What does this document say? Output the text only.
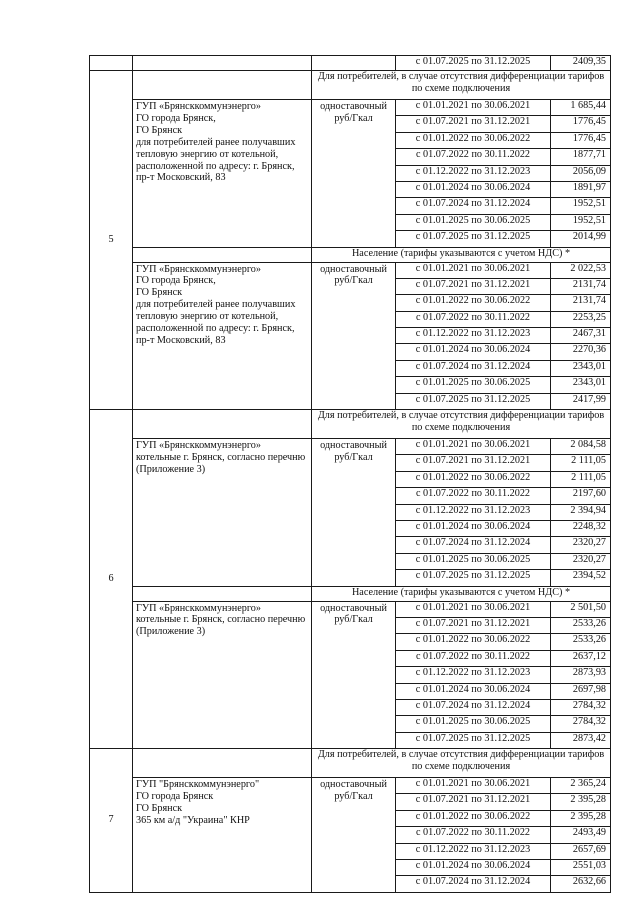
			с 01.07.2025 по 31.12.2025	2409,35
5		Для потребителей, в случае отсутствия дифференциации тарифов по схеме подключения		
	ГУП «Брянсккоммунэнерго»
ГО города Брянск,
ГО Брянск
для потребителей ранее получавших тепловую энергию от котельной, расположенной по адресу: г. Брянск, пр-т Московский, 83	одноставочный руб/Гкал	с 01.01.2021 по 30.06.2021	1 685,44
			с 01.07.2021 по 31.12.2021	1776,45
			с 01.01.2022 по 30.06.2022	1776,45
			с 01.07.2022 по 30.11.2022	1877,71
			с 01.12.2022 по 31.12.2023	2056,09
			с 01.01.2024 по 30.06.2024	1891,97
			с 01.07.2024 по 31.12.2024	1952,51
			с 01.01.2025 по 30.06.2025	1952,51
			с 01.07.2025 по 31.12.2025	2014,99
		Население (тарифы указываются с учетом НДС) *		
	ГУП «Брянсккоммунэнерго»
ГО города Брянск,
ГО Брянск
для потребителей ранее получавших тепловую энергию от котельной, расположенной по адресу: г. Брянск, пр-т Московский, 83	одноставочный руб/Гкал	с 01.01.2021 по 30.06.2021	2 022,53
			с 01.07.2021 по 31.12.2021	2131,74
			с 01.01.2022 по 30.06.2022	2131,74
			с 01.07.2022 по 30.11.2022	2253,25
			с 01.12.2022 по 31.12.2023	2467,31
			с 01.01.2024 по 30.06.2024	2270,36
			с 01.07.2024 по 31.12.2024	2343,01
			с 01.01.2025 по 30.06.2025	2343,01
			с 01.07.2025 по 31.12.2025	2417,99
6		Для потребителей, в случае отсутствия дифференциации тарифов по схеме подключения		
	ГУП «Брянсккоммунэнерго» котельные г. Брянск, согласно перечню (Приложение 3)	одноставочный руб/Гкал	с 01.01.2021 по 30.06.2021	2 084,58
			с 01.07.2021 по 31.12.2021	2 111,05
			с 01.01.2022 по 30.06.2022	2 111,05
			с 01.07.2022 по 30.11.2022	2197,60
			с 01.12.2022 по 31.12.2023	2 394,94
			с 01.01.2024 по 30.06.2024	2248,32
			с 01.07.2024 по 31.12.2024	2320,27
			с 01.01.2025 по 30.06.2025	2320,27
			с 01.07.2025 по 31.12.2025	2394,52
		Население (тарифы указываются с учетом НДС) *		
	ГУП «Брянсккоммунэнерго» котельные г. Брянск, согласно перечню (Приложение 3)	одноставочный руб/Гкал	с 01.01.2021 по 30.06.2021	2 501,50
			с 01.07.2021 по 31.12.2021	2533,26
			с 01.01.2022 по 30.06.2022	2533,26
			с 01.07.2022 по 30.11.2022	2637,12
			с 01.12.2022 по 31.12.2023	2873,93
			с 01.01.2024 по 30.06.2024	2697,98
			с 01.07.2024 по 31.12.2024	2784,32
			с 01.01.2025 по 30.06.2025	2784,32
			с 01.07.2025 по 31.12.2025	2873,42
7		Для потребителей, в случае отсутствия дифференциации тарифов по схеме подключения		
	ГУП "Брянсккоммунэнерго"
ГО города Брянск
ГО Брянск
365 км а/д "Украина" КНР	одноставочный руб/Гкал	с 01.01.2021 по 30.06.2021	2 365,24
			с 01.07.2021 по 31.12.2021	2 395,28
			с 01.01.2022 по 30.06.2022	2 395,28
			с 01.07.2022 по 30.11.2022	2493,49
			с 01.12.2022 по 31.12.2023	2657,69
			с 01.01.2024 по 30.06.2024	2551,03
			с 01.07.2024 по 31.12.2024	2632,66
